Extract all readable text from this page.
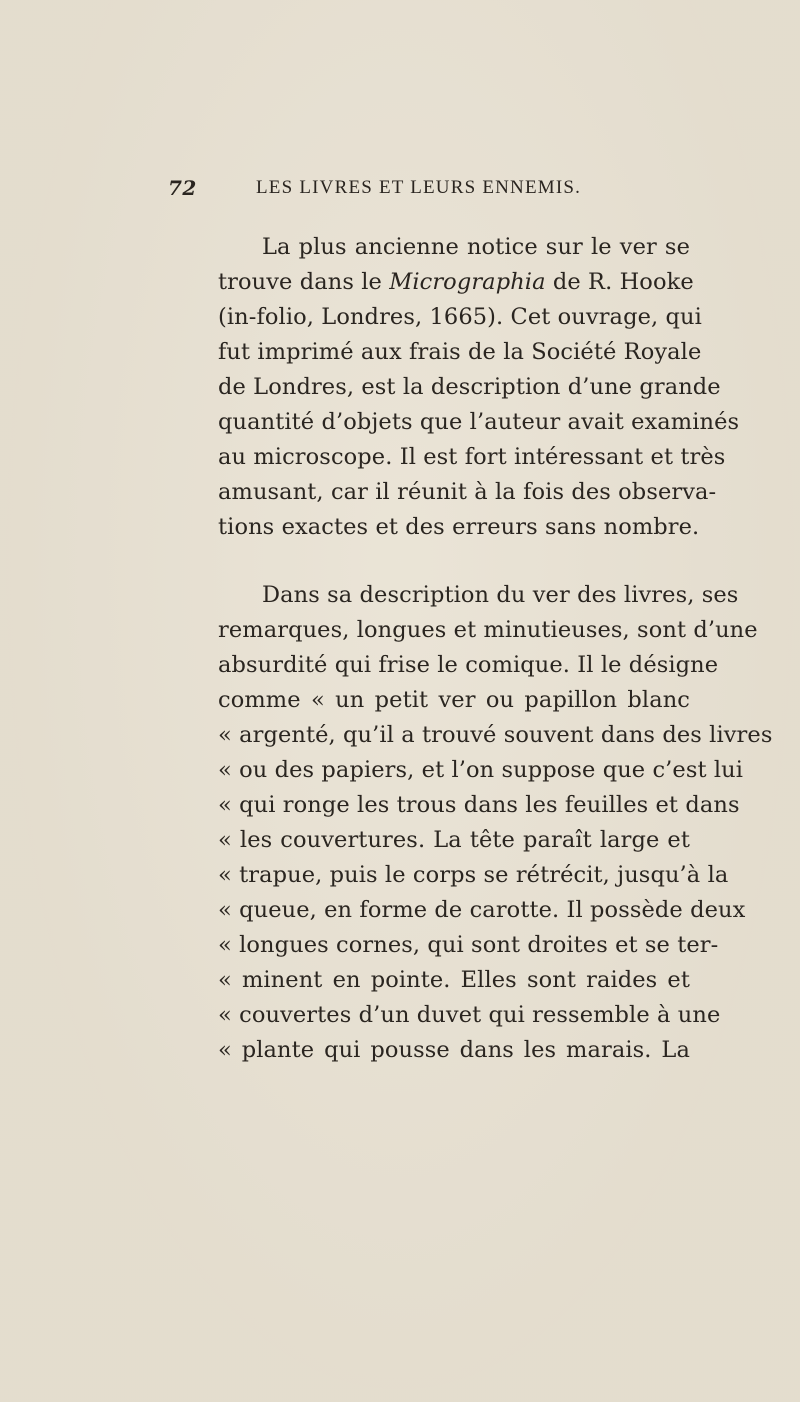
72	LES LIVRES ET LEURS ENNEMIS.
La plus ancienne notice sur le ver se
trouve dans le Micrographia de R. Hooke
(in-folio, Londres, 1665). Cet ouvrage, qui
fut imprimé aux frais de la Société Royale
de Londres, est la description d’une grande
quantité d’objets que l’auteur avait examinés
au microscope. Il est fort intéressant et très
amusant, car il réunit à la fois des observa-
tions exactes et des erreurs sans nombre.
Dans sa description du ver des livres, ses
remarques, longues et minutieuses, sont d’une
absurdité qui frise le comique. Il le désigne
comme « un petit ver ou papillon blanc
« argenté, qu’il a trouvé souvent dans des livres
« ou des papiers, et l’on suppose que c’est lui
« qui ronge les trous dans les feuilles et dans
« les couvertures. La tête paraît large et
« trapue, puis le corps se rétrécit, jusqu’à la
« queue, en forme de carotte. Il possède deux
« longues cornes, qui sont droites et se ter-
« minent en pointe. Elles sont raides et
« couvertes d’un duvet qui ressemble à une
« plante qui pousse dans les marais. La
